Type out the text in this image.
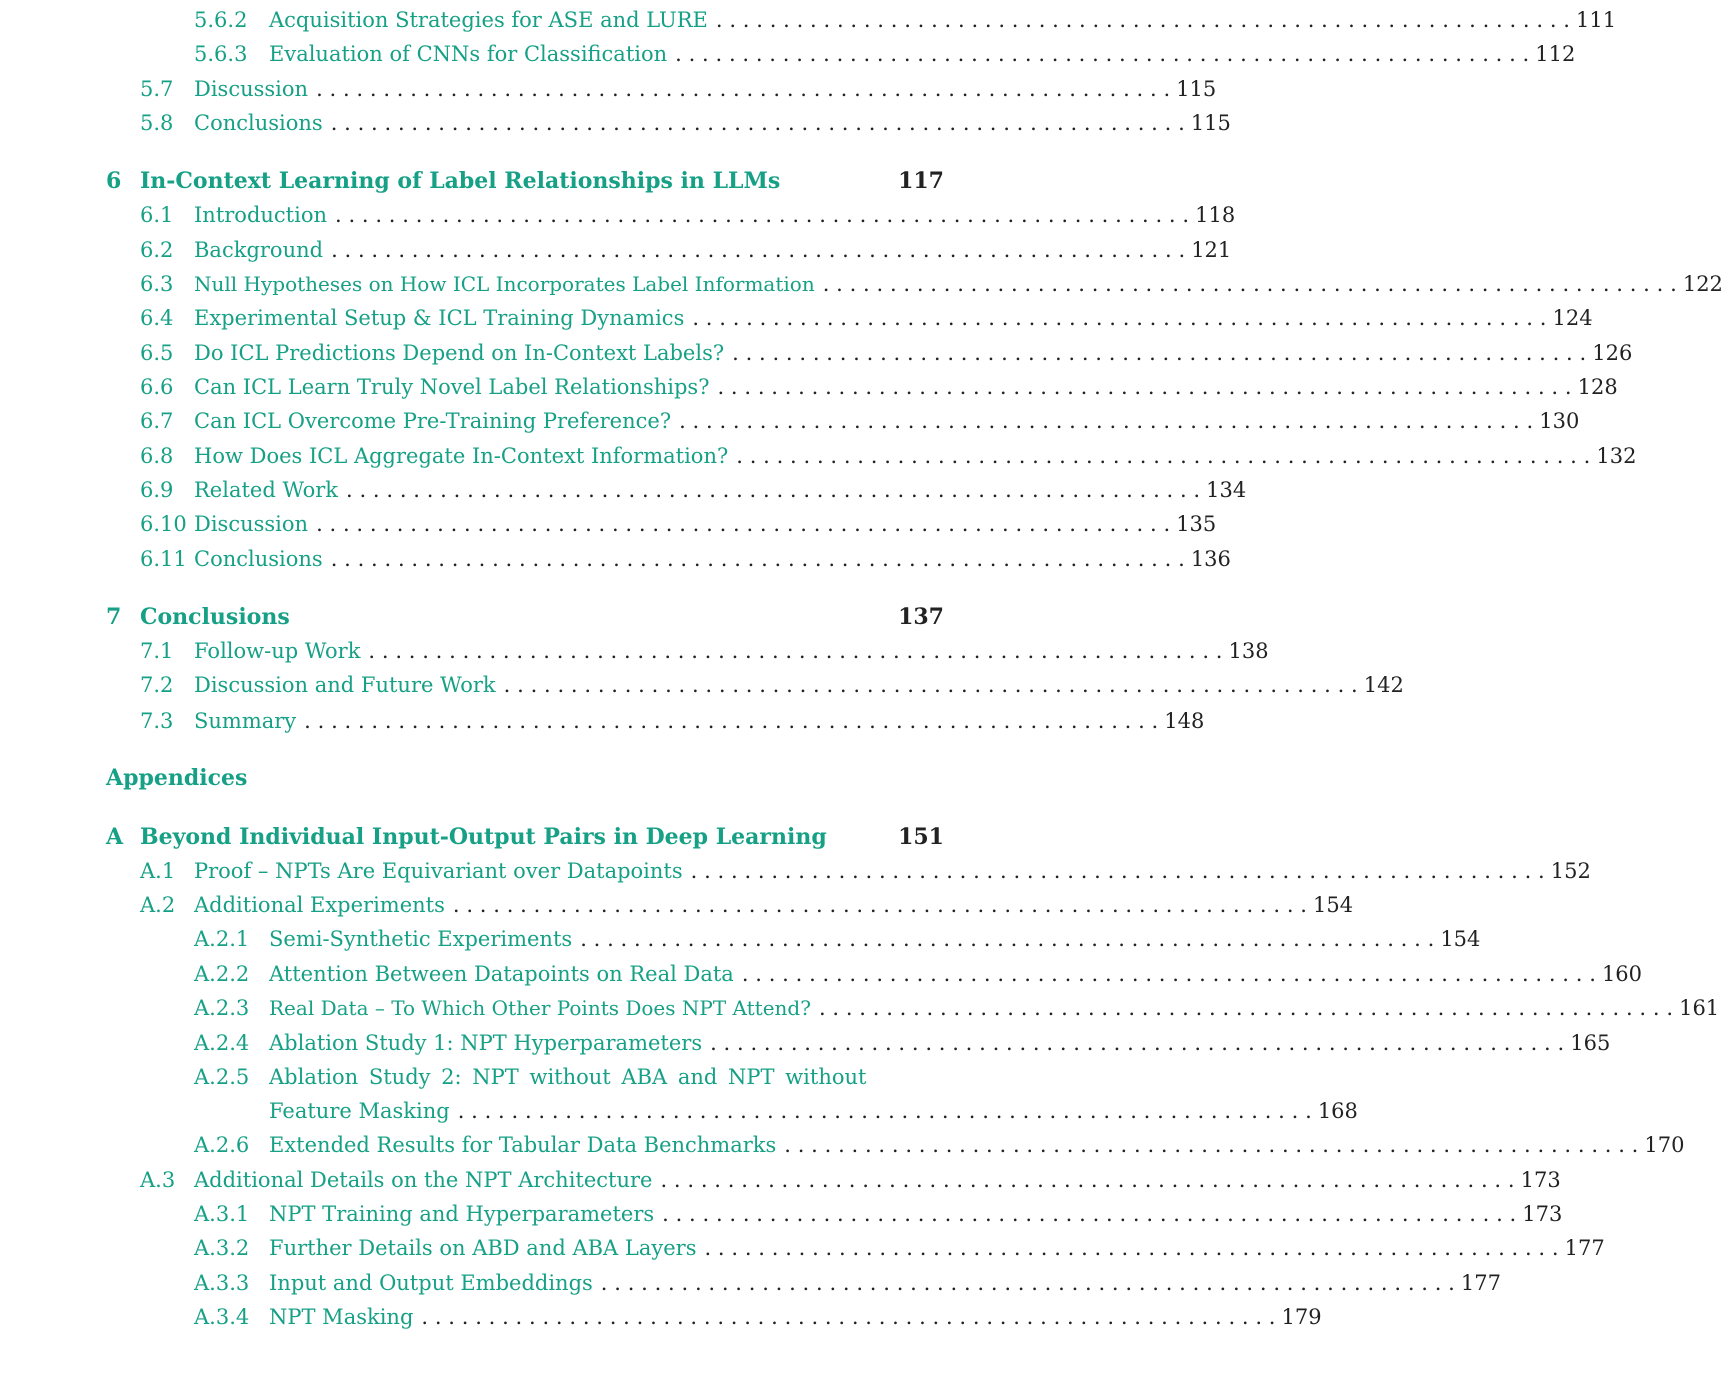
5.6.2	Acquisition Strategies for ASE and LURE . . . . . . . . . . . . . . . . . . . . . . . . . . . . . . . . . . . . . . . . . . . . . . . . . . . . . . . . . . . . . . . . 111
5.6.3	Evaluation of CNNs for Classification . . . . . . . . . . . . . . . . . . . . . . . . . . . . . . . . . . . . . . . . . . . . . . . . . . . . . . . . . . . . . . . . 112
5.7 Discussion . . . . . . . . . . . . . . . . . . . . . . . . . . . . . . . . . . . . . . . . . . . . . . . . . . . . . . . . . . . . . . . . 115
5.8 Conclusions . . . . . . . . . . . . . . . . . . . . . . . . . . . . . . . . . . . . . . . . . . . . . . . . . . . . . . . . . . . . . . . . 115
6 In-Context Learning of Label Relationships in LLMs	117
6.1 Introduction . . . . . . . . . . . . . . . . . . . . . . . . . . . . . . . . . . . . . . . . . . . . . . . . . . . . . . . . . . . . . . . . 118
6.2 Background . . . . . . . . . . . . . . . . . . . . . . . . . . . . . . . . . . . . . . . . . . . . . . . . . . . . . . . . . . . . . . . . 121
6.3	Null Hypotheses on How ICL Incorporates Label Information . . . . . . . . . . . . . . . . . . . . . . . . . . . . . . . . . . . . . . . . . . . . . . . . . . . . . . . . . . . . . . . . 122
6.4 Experimental Setup & ICL Training Dynamics . . . . . . . . . . . . . . . . . . . . . . . . . . . . . . . . . . . . . . . . . . . . . . . . . . . . . . . . . . . . . . . . 124
6.5 Do ICL Predictions Depend on In-Context Labels? . . . . . . . . . . . . . . . . . . . . . . . . . . . . . . . . . . . . . . . . . . . . . . . . . . . . . . . . . . . . . . . . 126
6.6 Can ICL Learn Truly Novel Label Relationships? . . . . . . . . . . . . . . . . . . . . . . . . . . . . . . . . . . . . . . . . . . . . . . . . . . . . . . . . . . . . . . . . 128
6.7 Can ICL Overcome Pre-Training Preference? . . . . . . . . . . . . . . . . . . . . . . . . . . . . . . . . . . . . . . . . . . . . . . . . . . . . . . . . . . . . . . . . 130
6.8 How Does ICL Aggregate In-Context Information? . . . . . . . . . . . . . . . . . . . . . . . . . . . . . . . . . . . . . . . . . . . . . . . . . . . . . . . . . . . . . . . . 132
6.9 Related Work . . . . . . . . . . . . . . . . . . . . . . . . . . . . . . . . . . . . . . . . . . . . . . . . . . . . . . . . . . . . . . . . 134
6.10 Discussion . . . . . . . . . . . . . . . . . . . . . . . . . . . . . . . . . . . . . . . . . . . . . . . . . . . . . . . . . . . . . . . . 135
6.11 Conclusions . . . . . . . . . . . . . . . . . . . . . . . . . . . . . . . . . . . . . . . . . . . . . . . . . . . . . . . . . . . . . . . . 136
7 Conclusions	137
7.1 Follow-up Work . . . . . . . . . . . . . . . . . . . . . . . . . . . . . . . . . . . . . . . . . . . . . . . . . . . . . . . . . . . . . . . . 138
7.2 Discussion and Future Work . . . . . . . . . . . . . . . . . . . . . . . . . . . . . . . . . . . . . . . . . . . . . . . . . . . . . . . . . . . . . . . . 142
7.3 Summary . . . . . . . . . . . . . . . . . . . . . . . . . . . . . . . . . . . . . . . . . . . . . . . . . . . . . . . . . . . . . . . . 148
Appendices
A Beyond Individual Input-Output Pairs in Deep Learning	151
A.1 Proof – NPTs Are Equivariant over Datapoints . . . . . . . . . . . . . . . . . . . . . . . . . . . . . . . . . . . . . . . . . . . . . . . . . . . . . . . . . . . . . . . . 152
A.2 Additional Experiments . . . . . . . . . . . . . . . . . . . . . . . . . . . . . . . . . . . . . . . . . . . . . . . . . . . . . . . . . . . . . . . . 154
A.2.1 Semi-Synthetic Experiments . . . . . . . . . . . . . . . . . . . . . . . . . . . . . . . . . . . . . . . . . . . . . . . . . . . . . . . . . . . . . . . . 154
A.2.2 Attention Between Datapoints on Real Data . . . . . . . . . . . . . . . . . . . . . . . . . . . . . . . . . . . . . . . . . . . . . . . . . . . . . . . . . . . . . . . . 160
A.2.3 Real Data – To Which Other Points Does NPT Attend? . . . . . . . . . . . . . . . . . . . . . . . . . . . . . . . . . . . . . . . . . . . . . . . . . . . . . . . . . . . . . . . . 161
A.2.4 Ablation Study 1: NPT Hyperparameters . . . . . . . . . . . . . . . . . . . . . . . . . . . . . . . . . . . . . . . . . . . . . . . . . . . . . . . . . . . . . . . . 165
A.2.5 Ablation Study 2: NPT without ABA and NPT without
Feature Masking . . . . . . . . . . . . . . . . . . . . . . . . . . . . . . . . . . . . . . . . . . . . . . . . . . . . . . . . . . . . . . . . 168
A.2.6 Extended Results for Tabular Data Benchmarks . . . . . . . . . . . . . . . . . . . . . . . . . . . . . . . . . . . . . . . . . . . . . . . . . . . . . . . . . . . . . . . . 170
A.3 Additional Details on the NPT Architecture . . . . . . . . . . . . . . . . . . . . . . . . . . . . . . . . . . . . . . . . . . . . . . . . . . . . . . . . . . . . . . . . 173
A.3.1 NPT Training and Hyperparameters . . . . . . . . . . . . . . . . . . . . . . . . . . . . . . . . . . . . . . . . . . . . . . . . . . . . . . . . . . . . . . . . 173
A.3.2 Further Details on ABD and ABA Layers . . . . . . . . . . . . . . . . . . . . . . . . . . . . . . . . . . . . . . . . . . . . . . . . . . . . . . . . . . . . . . . . 177
A.3.3 Input and Output Embeddings . . . . . . . . . . . . . . . . . . . . . . . . . . . . . . . . . . . . . . . . . . . . . . . . . . . . . . . . . . . . . . . . 177
A.3.4 NPT Masking . . . . . . . . . . . . . . . . . . . . . . . . . . . . . . . . . . . . . . . . . . . . . . . . . . . . . . . . . . . . . . . . 179
